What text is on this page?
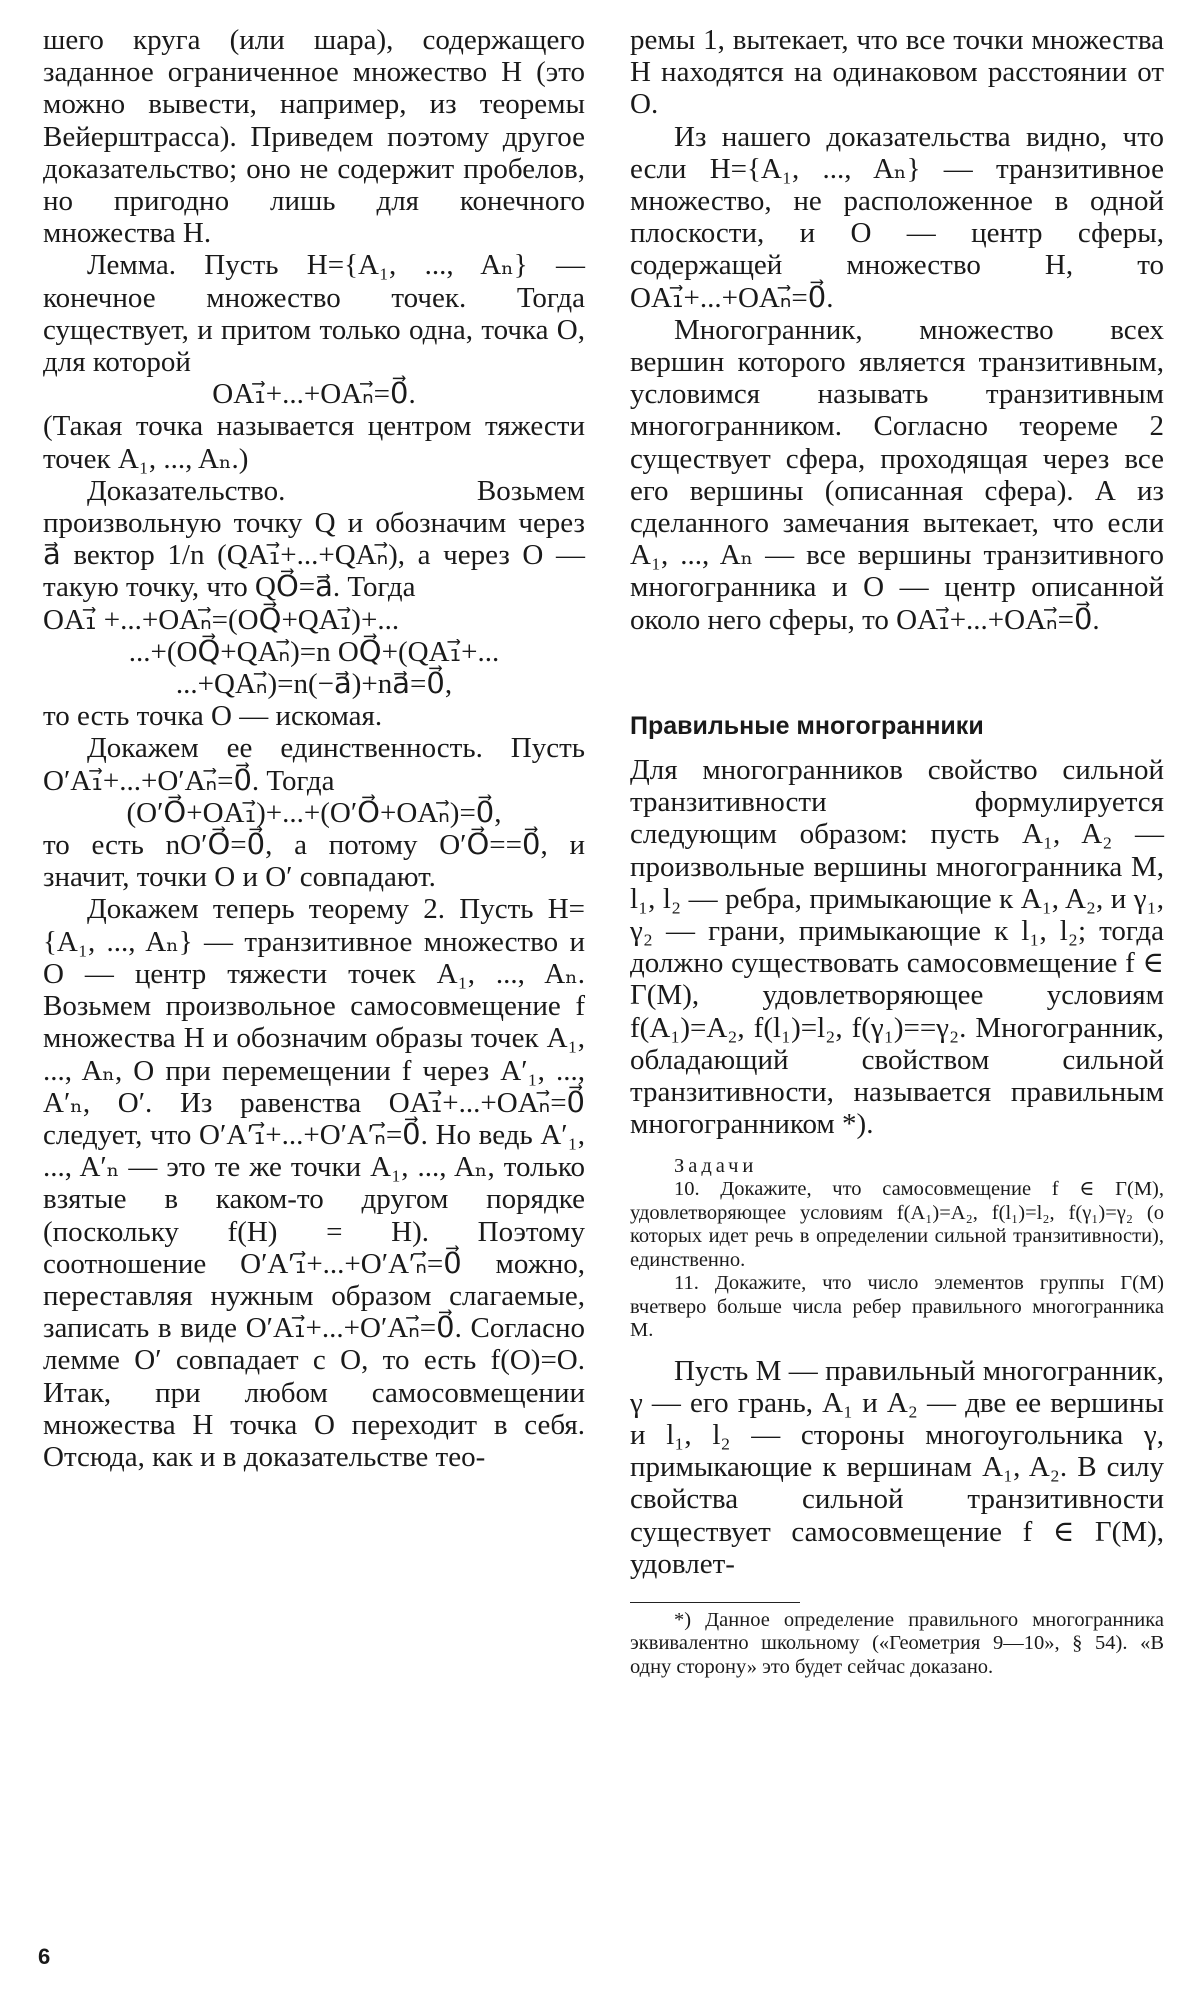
шего круга (или шара), содержащего заданное ограниченное множество H (это можно вывести, например, из теоремы Вейерштрасса). Приведем поэтому другое доказательство; оно не содержит пробелов, но пригодно лишь для конечного множества H.

Лемма. Пусть H={A₁, ..., Aₙ} — конечное множество точек. Тогда существует, и притом только одна, точка O, для которой

OA₁⃗+...+OAₙ⃗=0⃗.

(Такая точка называется центром тяжести точек A₁, ..., Aₙ.)

Доказательство. Возьмем произвольную точку Q и обозначим через a⃗ вектор 1/n (QA₁⃗+...+QAₙ⃗), а через O — такую точку, что QO⃗=a⃗. Тогда

OA₁⃗ +...+OAₙ⃗=(OQ⃗+QA₁⃗)+...

...+(OQ⃗+QAₙ⃗)=n OQ⃗+(QA₁⃗+...

...+QAₙ⃗)=n(−a⃗)+na⃗=0⃗,

то есть точка O — искомая.

Докажем ее единственность. Пусть O′A₁⃗+...+O′Aₙ⃗=0⃗. Тогда

(O′O⃗+OA₁⃗)+...+(O′O⃗+OAₙ⃗)=0⃗,

то есть nO′O⃗=0⃗, а потому O′O⃗==0⃗, и значит, точки O и O′ совпадают.

Докажем теперь теорему 2. Пусть H={A₁, ..., Aₙ} — транзитивное множество и O — центр тяжести точек A₁, ..., Aₙ. Возьмем произвольное самосовмещение f множества H и обозначим образы точек A₁, ..., Aₙ, O при перемещении f через A′₁, ..., A′ₙ, O′. Из равенства OA₁⃗+...+OAₙ⃗=0⃗ следует, что O′A′₁⃗+...+O′A′ₙ⃗=0⃗. Но ведь A′₁, ..., A′ₙ — это те же точки A₁, ..., Aₙ, только взятые в каком-то другом порядке (поскольку f(H) = H). Поэтому соотношение O′A′₁⃗+...+O′A′ₙ⃗=0⃗ можно, переставляя нужным образом слагаемые, записать в виде O′A₁⃗+...+O′Aₙ⃗=0⃗. Согласно лемме O′ совпадает с O, то есть f(O)=O. Итак, при любом самосовмещении множества H точка O переходит в себя. Отсюда, как и в доказательстве тео-

ремы 1, вытекает, что все точки множества H находятся на одинаковом расстоянии от O.

Из нашего доказательства видно, что если H={A₁, ..., Aₙ} — транзитивное множество, не расположенное в одной плоскости, и O — центр сферы, содержащей множество H, то OA₁⃗+...+OAₙ⃗=0⃗.

Многогранник, множество всех вершин которого является транзитивным, условимся называть транзитивным многогранником. Согласно теореме 2 существует сфера, проходящая через все его вершины (описанная сфера). А из сделанного замечания вытекает, что если A₁, ..., Aₙ — все вершины транзитивного многогранника и O — центр описанной около него сферы, то OA₁⃗+...+OAₙ⃗=0⃗.

Правильные многогранники

Для многогранников свойство сильной транзитивности формулируется следующим образом: пусть A₁, A₂ — произвольные вершины многогранника M, l₁, l₂ — ребра, примыкающие к A₁, A₂, и γ₁, γ₂ — грани, примыкающие к l₁, l₂; тогда должно существовать самосовмещение f ∈ Γ(M), удовлетворяющее условиям f(A₁)=A₂, f(l₁)=l₂, f(γ₁)==γ₂. Многогранник, обладающий свойством сильной транзитивности, называется правильным многогранником *).

Задачи

10. Докажите, что самосовмещение f ∈ Γ(M), удовлетворяющее условиям f(A₁)=A₂, f(l₁)=l₂, f(γ₁)=γ₂ (о которых идет речь в определении сильной транзитивности), единственно.

11. Докажите, что число элементов группы Γ(M) вчетверо больше числа ребер правильного многогранника M.

Пусть M — правильный многогранник, γ — его грань, A₁ и A₂ — две ее вершины и l₁, l₂ — стороны многоугольника γ, примыкающие к вершинам A₁, A₂. В силу свойства сильной транзитивности существует самосовмещение f ∈ Γ(M), удовлет-

*) Данное определение правильного многогранника эквивалентно школьному («Геометрия 9—10», § 54). «В одну сторону» это будет сейчас доказано.

6
